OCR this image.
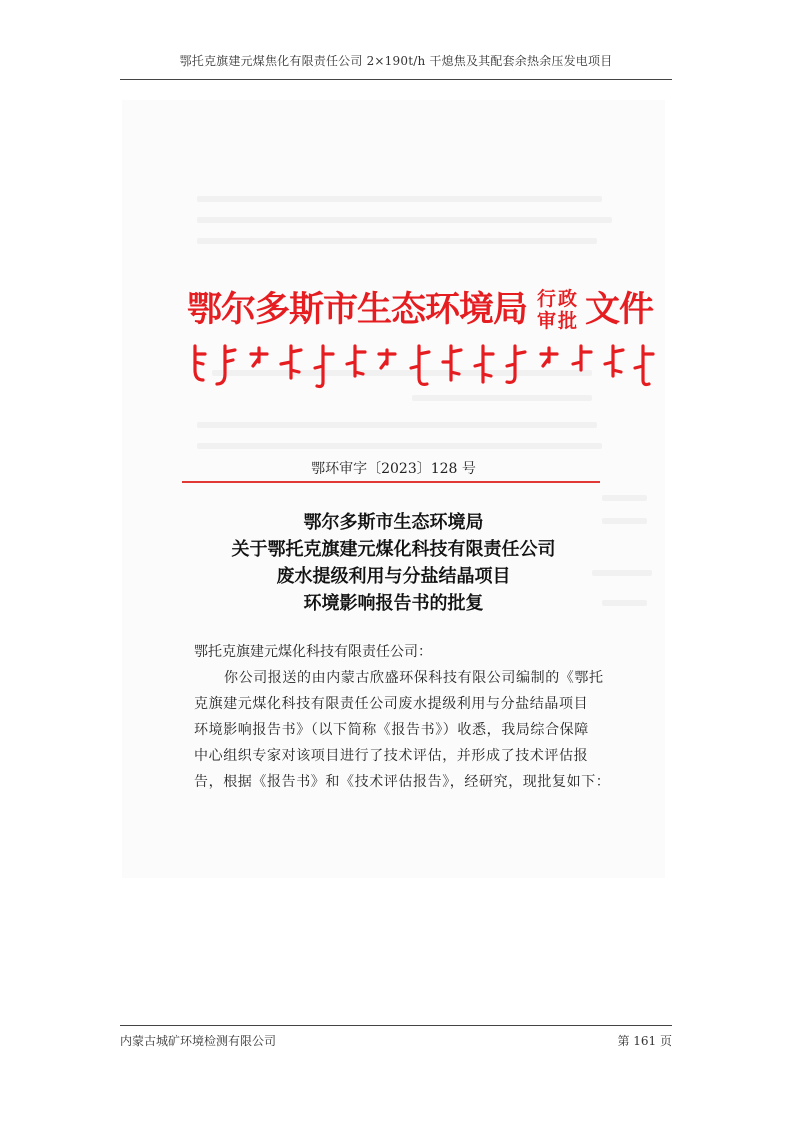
鄂托克旗建元煤焦化有限责任公司 2×190t/h 干熄焦及其配套余热余压发电项目
鄂尔多斯市生态环境局 行政
审批 文件
鄂环审字〔2023〕128 号
鄂尔多斯市生态环境局
关于鄂托克旗建元煤化科技有限责任公司
废水提级利用与分盐结晶项目
环境影响报告书的批复
鄂托克旗建元煤化科技有限责任公司：
你公司报送的由内蒙古欣盛环保科技有限公司编制的《鄂托
克旗建元煤化科技有限责任公司废水提级利用与分盐结晶项目
环境影响报告书》（以下简称《报告书》）收悉，我局综合保障
中心组织专家对该项目进行了技术评估，并形成了技术评估报
告，根据《报告书》和《技术评估报告》，经研究，现批复如下：
内蒙古城矿环境检测有限公司	第 161 页
